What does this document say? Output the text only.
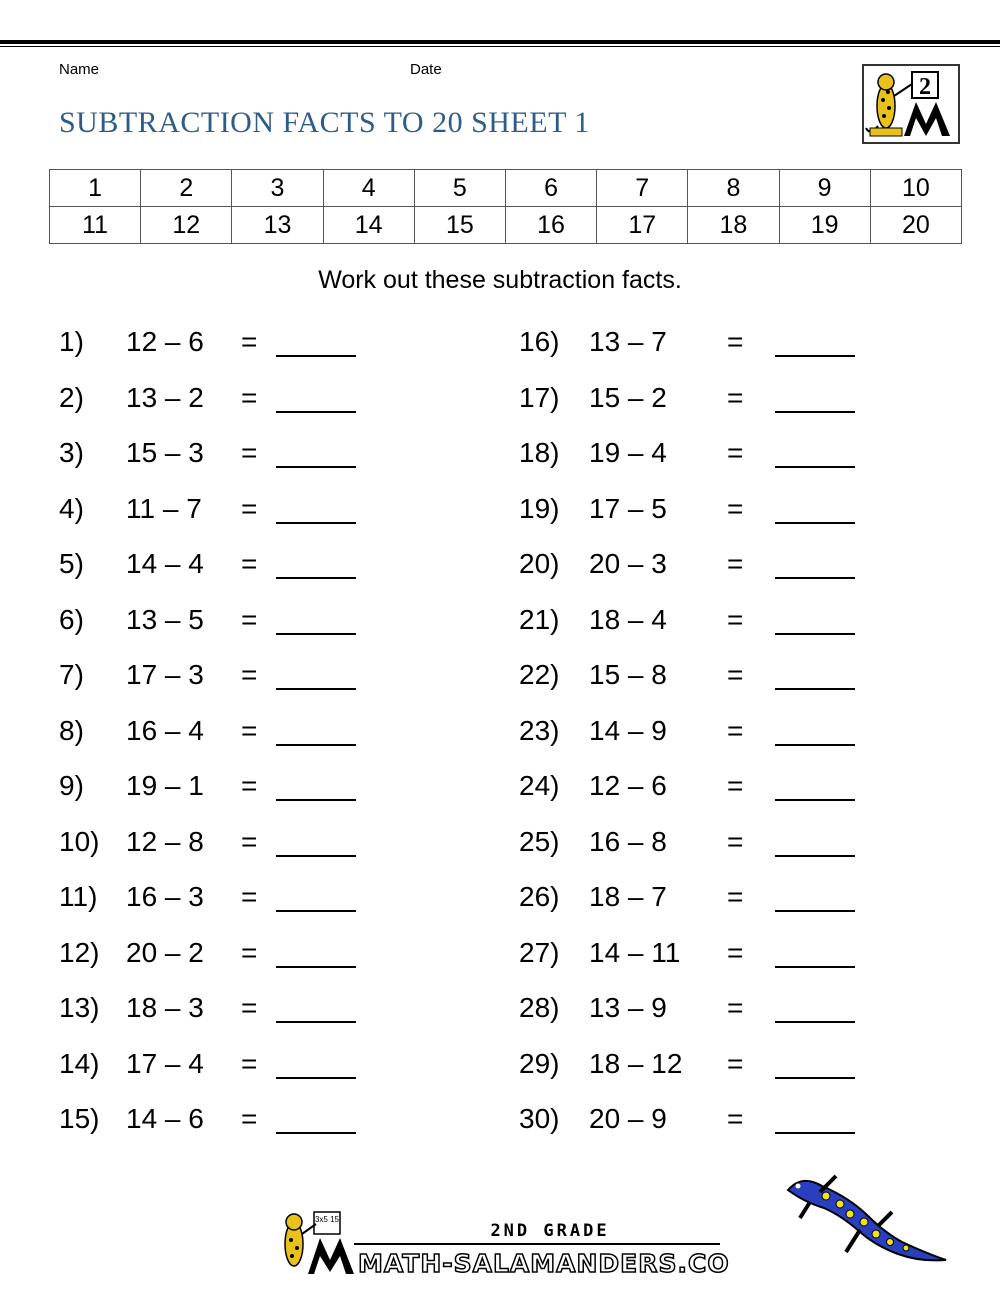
Name	Date
SUBTRACTION FACTS TO 20 SHEET 1
2
1	2	3	4	5	6	7	8	9	10
11	12	13	14	15	16	17	18	19	20
Work out these subtraction facts.
1) 12 – 6 =
2) 13 – 2 =
3) 15 – 3 =
4) 11 – 7 =
5) 14 – 4 =
6) 13 – 5 =
7) 17 – 3 =
8) 16 – 4 =
9) 19 – 1 =
10) 12 – 8 =
11) 16 – 3 =
12) 20 – 2 =
13) 18 – 3 =
14) 17 – 4 =
15) 14 – 6 =
16) 13 – 7 =
17) 15 – 2 =
18) 19 – 4 =
19) 17 – 5 =
20) 20 – 3 =
21) 18 – 4 =
22) 15 – 8 =
23) 14 – 9 =
24) 12 – 6 =
25) 16 – 8 =
26) 18 – 7 =
27) 14 – 11 =
28) 13 – 9 =
29) 18 – 12 =
30) 20 – 9 =
3x5 15
2ND GRADE
MATH-SALAMANDERS.COM
